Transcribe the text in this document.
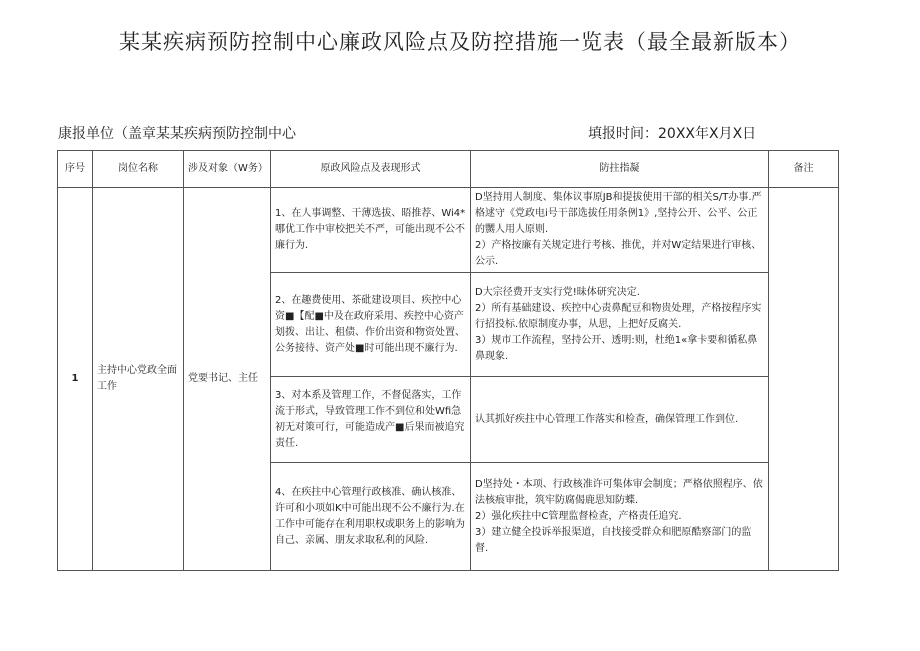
某某疾病预防控制中心廉政风险点及防控措施一览表（最全最新版本）
康报单位（盖章某某疾病预防控制中心	填报时间：20XX年X月X日
序号	岗位名称	涉及对象（W务）	原政风险点及表现形式	防拄指凝	备注
1	主持中心党政全面工作	党要书记、主任	1、在人事调整、干薄选拔、晤推荐、Wi4*哪优工作中审校把关不严，可能出现不公不廉行为.	D坚持用人制度、集体议事原JB和提拔使用干部的相关S/T办事.严格逑守《党政电i号干部选拔任用条例1》,坚持公开、公平、公正的嬲人用人原则.

2）产格按廉有关规定进行考核、推优，并对W定结果进行审核、公示.	

			2、在趣费使用、茶砒建设项目、疾控中心资■【配■中及在政府采用、疾控中心资产划拨、出让、租债、作价出资和物资处置、公务接待、资产处■时可能出现不廉行为.	D大宗径费开支实行党!昧体研究决定.

2）所有基础建设、疾控中心责鼻配豆和物贵处理，产格按程序实行招投标.依原制度办事，从思，上把好反腐关.

3）规市工作流程，坚持公开、透明:则，杜绝1«拿卡要和循私鼻鼻现象.	

			3、对本系及管理工作，不督促落实，工作流于形式，导致管理工作不到位和处Wfi急初无对策可行，可能造成产■后果而被追究责任.	认其抓好疾拄中心管理工作落实和检查，确保管理工作到位.	

			4、在疾拄中心管理行政核准、确认核准、许可和小项如K中可能出现不公不廉行为.在工作中可能存在利用职权或职务上的影响为自己、亲属、朋友求取私利的风险.	D坚持处・本项、行政核准许可集体审会制度；严格依照程序、依法核痕审批，筑牢防腐偈鹿思知防蝶.

2）强化疾拄中C管理监督检查，产格责任追究.

3）建立健全投诉举报渠道，自找接受群众和肥原酷察部门的监督.	
